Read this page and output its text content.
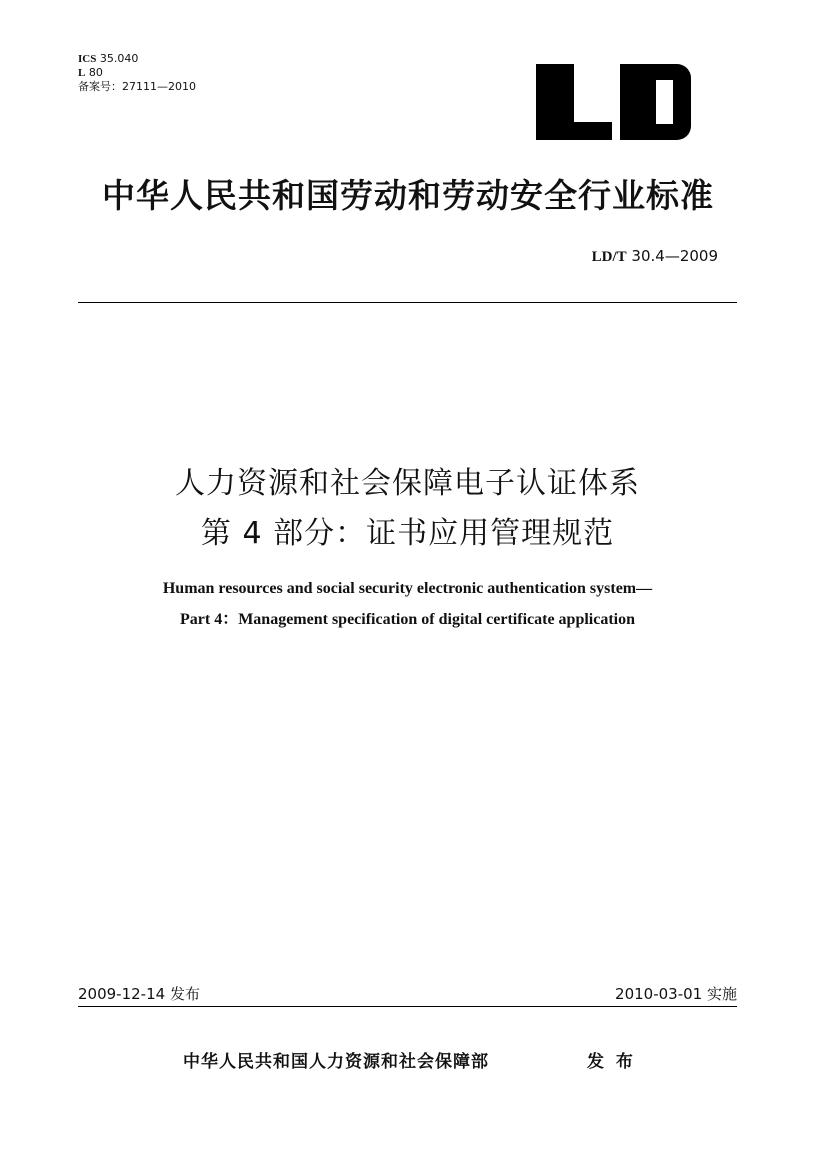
ICS 35.040
L 80
备案号：27111—2010
中华人民共和国劳动和劳动安全行业标准
LD/T 30.4—2009
人力资源和社会保障电子认证体系
第 4 部分：证书应用管理规范
Human resources and social security electronic authentication system—
Part 4：Management specification of digital certificate application
2009-12-14 发布	2010-03-01 实施
中华人民共和国人力资源和社会保障部	发 布
